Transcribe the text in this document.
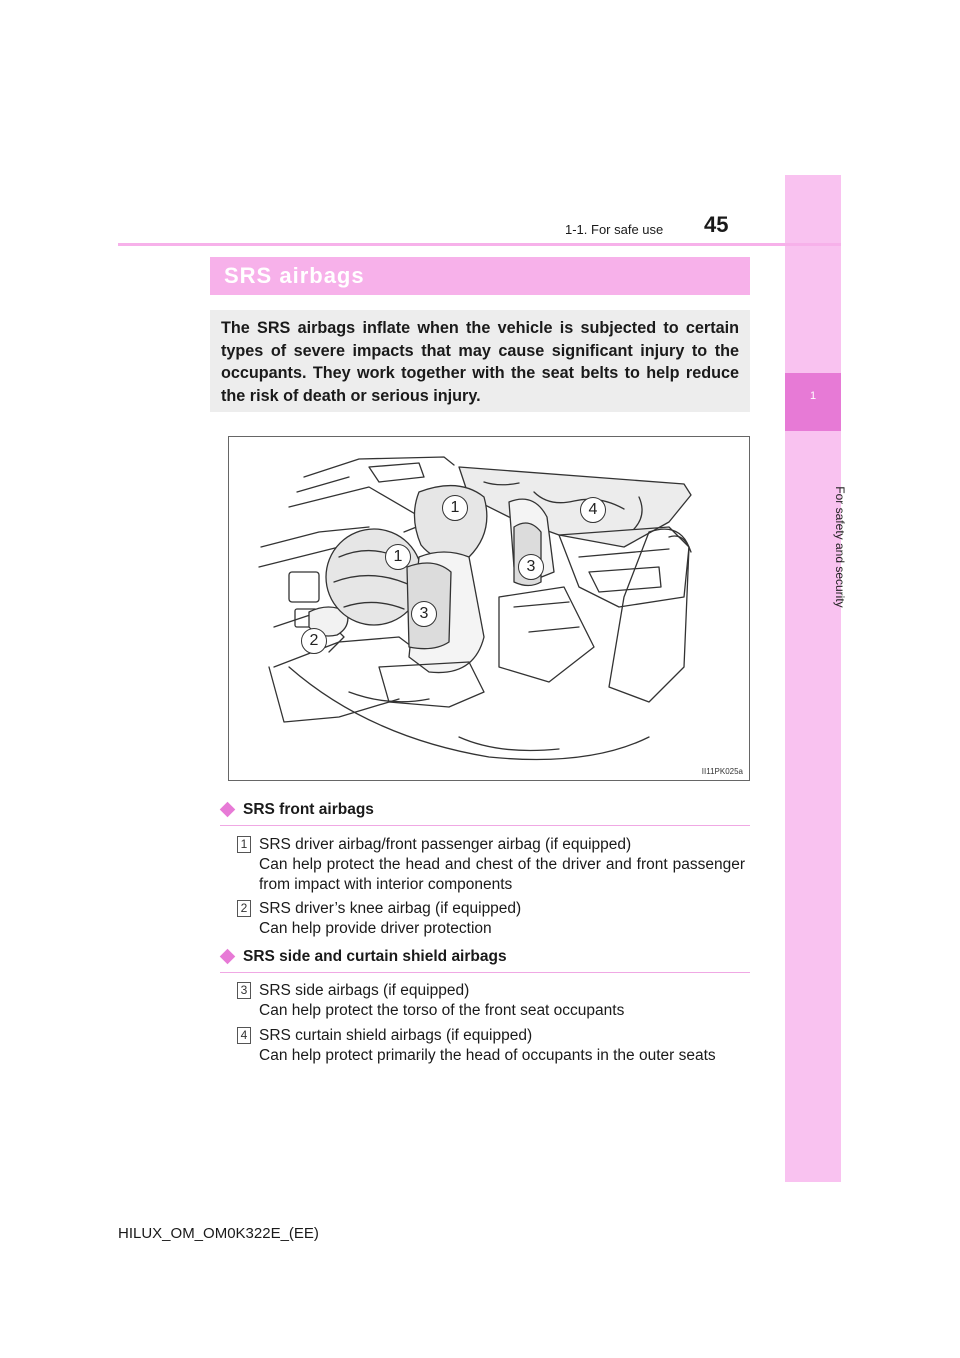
1
For safety and security
1-1. For safe use	45
SRS airbags
The SRS airbags inflate when the vehicle is subjected to certain types of severe impacts that may cause significant injury to the occupants. They work together with the seat belts to help reduce the risk of death or serious injury.
1
1
2
3
3
4
II11PK025a
SRS front airbags
1 SRS driver airbag/front passenger airbag (if equipped)
Can help protect the head and chest of the driver and front passenger from impact with interior components
2 SRS driver’s knee airbag (if equipped)
Can help provide driver protection
SRS side and curtain shield airbags
3 SRS side airbags (if equipped)
Can help protect the torso of the front seat occupants
4 SRS curtain shield airbags (if equipped)
Can help protect primarily the head of occupants in the outer seats
HILUX_OM_OM0K322E_(EE)
